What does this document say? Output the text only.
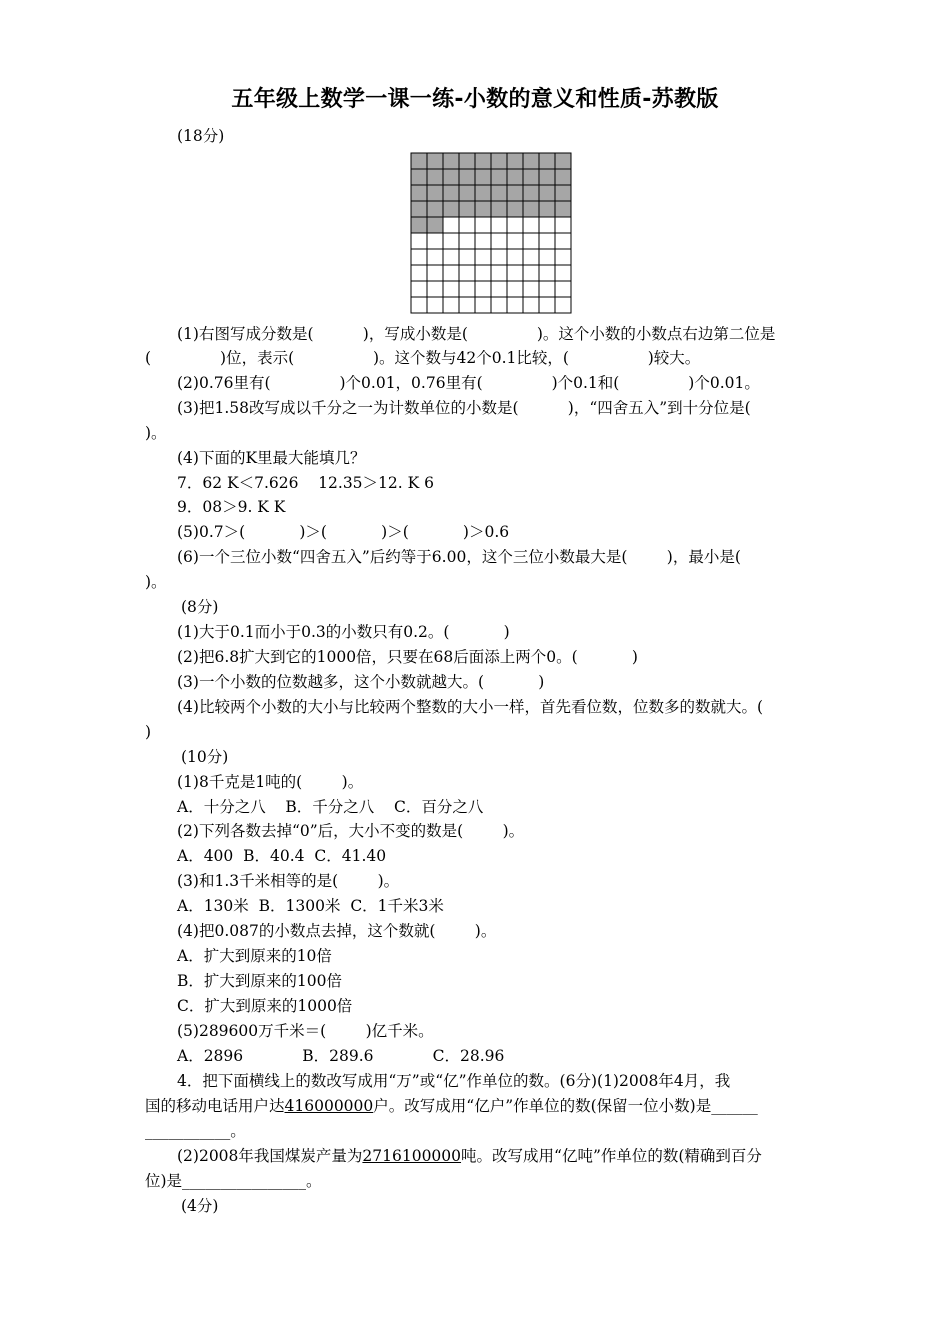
五年级上数学一课一练-小数的意义和性质-苏教版
(18分)
(1)右图写成分数是(          )，写成小数是(              )。这个小数的小数点右边第二位是
(              )位，表示(                )。这个数与42个0.1比较，(                )较大。
(2)0.76里有(              )个0.01，0.76里有(              )个0.1和(              )个0.01。
(3)把1.58改写成以千分之一为计数单位的小数是(          )，“四舍五入”到十分位是(
)。
(4)下面的K里最大能填几？
7．62 K＜7.626    12.35＞12. K 6
9．08＞9. K K
(5)0.7＞(           )＞(           )＞(           )＞0.6
(6)一个三位小数“四舍五入”后约等于6.00，这个三位小数最大是(        )，最小是(
)。
(8分)
(1)大于0.1而小于0.3的小数只有0.2。(           )
(2)把6.8扩大到它的1000倍，只要在68后面添上两个0。(           )
(3)一个小数的位数越多，这个小数就越大。(           )
(4)比较两个小数的大小与比较两个整数的大小一样，首先看位数，位数多的数就大。(
)
(10分)
(1)8千克是1吨的(        )。
A．十分之八    B．千分之八    C．百分之八
(2)下列各数去掉“0”后，大小不变的数是(        )。
A．400  B．40.4  C．41.40
(3)和1.3千米相等的是(        )。
A．130米  B．1300米  C．1千米3米
(4)把0.087的小数点去掉，这个数就(        )。
A．扩大到原来的10倍
B．扩大到原来的100倍
C．扩大到原来的1000倍
(5)289600万千米＝(        )亿千米。
A．2896            B．289.6            C．28.96
4．把下面横线上的数改写成用“万”或“亿”作单位的数。(6分)(1)2008年4月，我
国的移动电话用户达416000000户。改写成用“亿户”作单位的数(保留一位小数)是______
___________。
(2)2008年我国煤炭产量为2716100000吨。改写成用“亿吨”作单位的数(精确到百分
位)是________________。
(4分)
